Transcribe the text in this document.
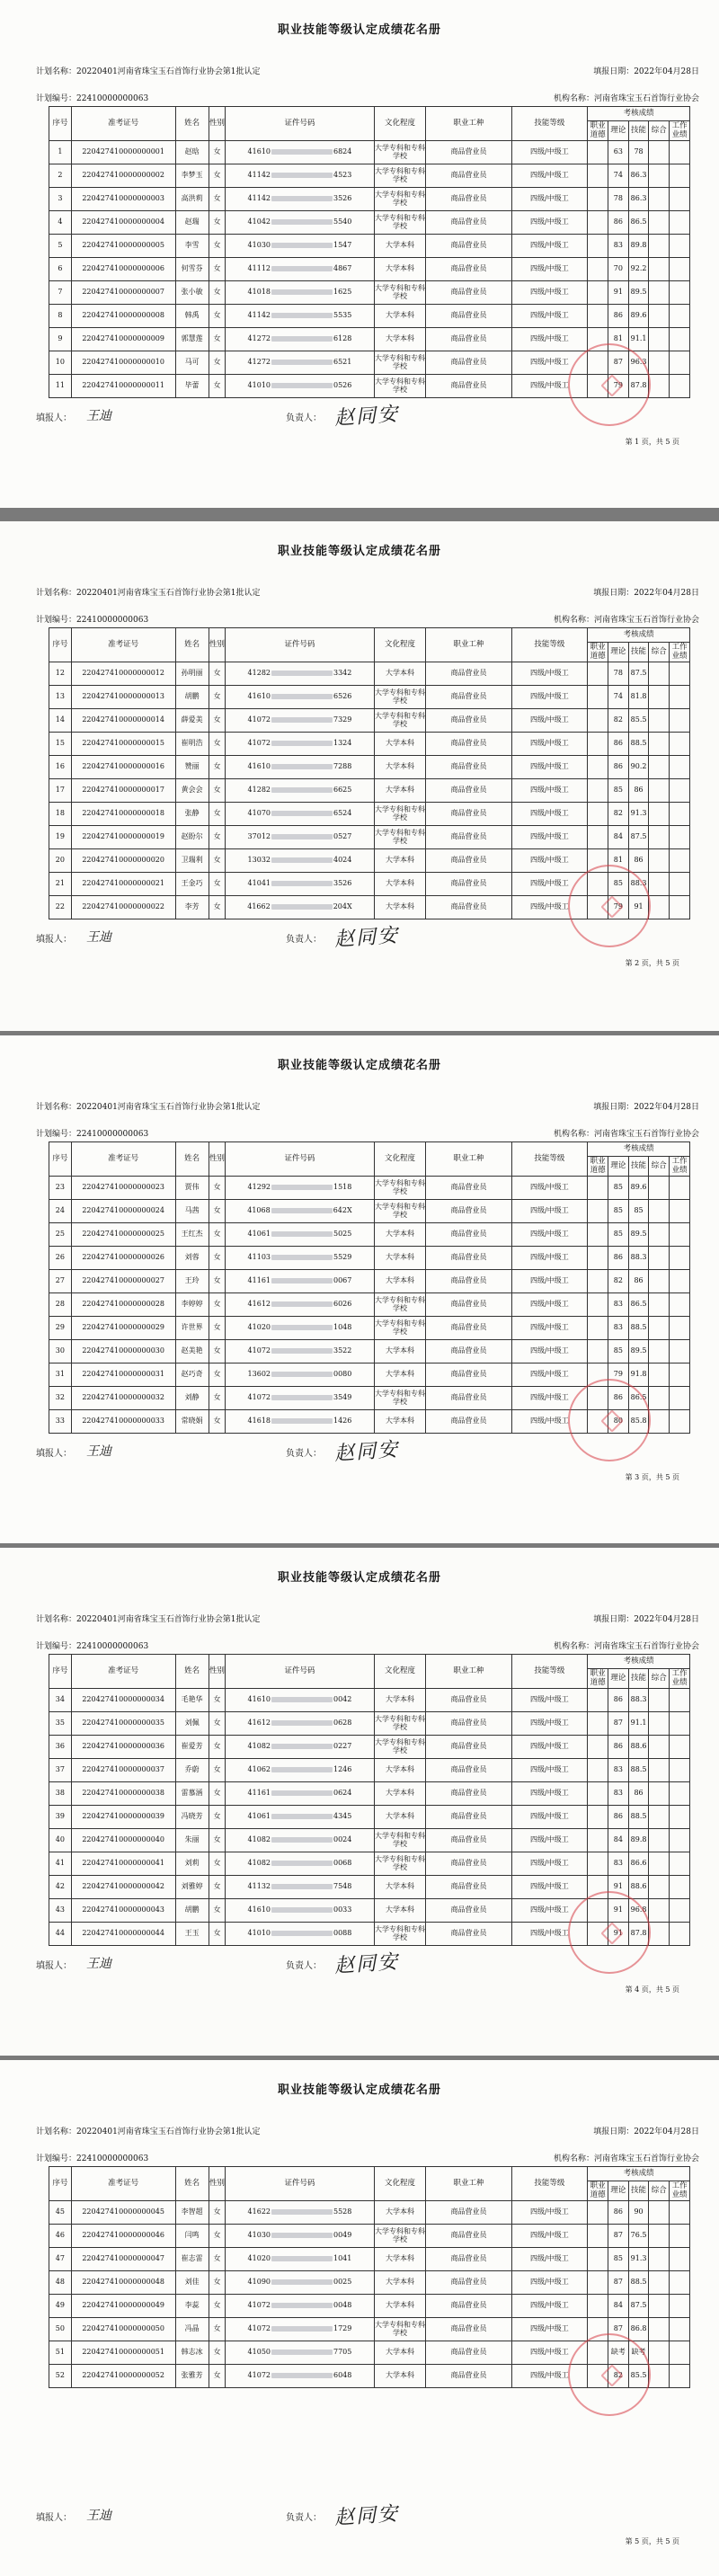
职业技能等级认定成绩花名册
计划名称：20220401河南省珠宝玉石首饰行业协会第1批认定	填报日期：2022年04月28日
计划编号：22410000000063	机构名称：河南省珠宝玉石首饰行业协会
序号	准考证号	姓名	性别	证件号码	文化程度	职业工种	技能等级	考核成绩				
								职业道德	理论	技能	综合	工作业绩
1	220427410000000001	赵晗	女	41610 6824	大学专科和专科学校	商品营业员	四级/中级工		63	78		
2	220427410000000002	李梦玉	女	41142 4523	大学专科和专科学校	商品营业员	四级/中级工		74	86.3		
3	220427410000000003	高洪莉	女	41142 3526	大学专科和专科学校	商品营业员	四级/中级工		78	86.3		
4	220427410000000004	赵瑞	女	41042 5540	大学专科和专科学校	商品营业员	四级/中级工		86	86.5		
5	220427410000000005	李雪	女	41030 1547	大学本科	商品营业员	四级/中级工		83	89.8		
6	220427410000000006	何雪芬	女	41112 4867	大学本科	商品营业员	四级/中级工		70	92.2		
7	220427410000000007	张小敏	女	41018 1625	大学专科和专科学校	商品营业员	四级/中级工		91	89.5		
8	220427410000000008	韩禹	女	41142 5535	大学本科	商品营业员	四级/中级工		86	89.6		
9	220427410000000009	郭慧莲	女	41272 6128	大学本科	商品营业员	四级/中级工		81	91.1		
10	220427410000000010	马可	女	41272 6521	大学专科和专科学校	商品营业员	四级/中级工		87	96.3		
11	220427410000000011	毕蕾	女	41010 0526	大学专科和专科学校	商品营业员	四级/中级工		79	87.8		
填报人： 王迪	负责人： 赵同安
第 1 页，共 5 页
职业技能等级认定成绩花名册
计划名称：20220401河南省珠宝玉石首饰行业协会第1批认定	填报日期：2022年04月28日
计划编号：22410000000063	机构名称：河南省珠宝玉石首饰行业协会
序号	准考证号	姓名	性别	证件号码	文化程度	职业工种	技能等级	考核成绩				
								职业道德	理论	技能	综合	工作业绩
12	220427410000000012	孙明丽	女	41282 3342	大学本科	商品营业员	四级/中级工		78	87.5		
13	220427410000000013	胡鹏	女	41610 6526	大学专科和专科学校	商品营业员	四级/中级工		74	81.8		
14	220427410000000014	薛爱美	女	41072 7329	大学专科和专科学校	商品营业员	四级/中级工		82	85.5		
15	220427410000000015	崔明浩	女	41072 1324	大学本科	商品营业员	四级/中级工		86	88.5		
16	220427410000000016	赞丽	女	41610 7288	大学本科	商品营业员	四级/中级工		86	90.2		
17	220427410000000017	黄会会	女	41282 6625	大学本科	商品营业员	四级/中级工		85	86		
18	220427410000000018	张静	女	41070 6524	大学专科和专科学校	商品营业员	四级/中级工		82	91.3		
19	220427410000000019	赵盼尔	女	37012 0527	大学专科和专科学校	商品营业员	四级/中级工		84	87.5		
20	220427410000000020	卫瑞利	女	13032 4024	大学本科	商品营业员	四级/中级工		81	86		
21	220427410000000021	王金巧	女	41041 3526	大学本科	商品营业员	四级/中级工		85	88.3		
22	220427410000000022	李芳	女	41662 204X	大学本科	商品营业员	四级/中级工		79	91		
填报人： 王迪	负责人： 赵同安
第 2 页，共 5 页
职业技能等级认定成绩花名册
计划名称：20220401河南省珠宝玉石首饰行业协会第1批认定	填报日期：2022年04月28日
计划编号：22410000000063	机构名称：河南省珠宝玉石首饰行业协会
序号	准考证号	姓名	性别	证件号码	文化程度	职业工种	技能等级	考核成绩				
								职业道德	理论	技能	综合	工作业绩
23	220427410000000023	贾伟	女	41292 1518	大学专科和专科学校	商品营业员	四级/中级工		85	89.6		
24	220427410000000024	马茜	女	41068 642X	大学专科和专科学校	商品营业员	四级/中级工		85	85		
25	220427410000000025	王红杰	女	41061 5025	大学本科	商品营业员	四级/中级工		85	89.5		
26	220427410000000026	刘蓉	女	41103 5529	大学本科	商品营业员	四级/中级工		86	88.3		
27	220427410000000027	王玲	女	41161 0067	大学本科	商品营业员	四级/中级工		82	86		
28	220427410000000028	李婷婷	女	41612 6026	大学专科和专科学校	商品营业员	四级/中级工		83	86.5		
29	220427410000000029	许世界	女	41020 1048	大学专科和专科学校	商品营业员	四级/中级工		83	88.5		
30	220427410000000030	赵美艳	女	41072 3522	大学本科	商品营业员	四级/中级工		85	89.5		
31	220427410000000031	赵巧奇	女	13602 0080	大学本科	商品营业员	四级/中级工		79	91.8		
32	220427410000000032	刘静	女	41072 3549	大学专科和专科学校	商品营业员	四级/中级工		86	86.5		
33	220427410000000033	常晓娟	女	41618 1426	大学本科	商品营业员	四级/中级工		80	85.8		
填报人： 王迪	负责人： 赵同安
第 3 页，共 5 页
职业技能等级认定成绩花名册
计划名称：20220401河南省珠宝玉石首饰行业协会第1批认定	填报日期：2022年04月28日
计划编号：22410000000063	机构名称：河南省珠宝玉石首饰行业协会
序号	准考证号	姓名	性别	证件号码	文化程度	职业工种	技能等级	考核成绩				
								职业道德	理论	技能	综合	工作业绩
34	220427410000000034	毛艳华	女	41610 0042	大学本科	商品营业员	四级/中级工		86	88.3		
35	220427410000000035	刘佩	女	41612 0628	大学专科和专科学校	商品营业员	四级/中级工		87	91.1		
36	220427410000000036	崔爱芳	女	41082 0227	大学专科和专科学校	商品营业员	四级/中级工		86	88.6		
37	220427410000000037	乔蔚	女	41062 1246	大学本科	商品营业员	四级/中级工		83	88.5		
38	220427410000000038	雷慕涵	女	41161 0624	大学本科	商品营业员	四级/中级工		83	86		
39	220427410000000039	冯晓芳	女	41061 4345	大学本科	商品营业员	四级/中级工		86	88.5		
40	220427410000000040	朱丽	女	41082 0024	大学专科和专科学校	商品营业员	四级/中级工		84	89.8		
41	220427410000000041	刘莉	女	41082 0068	大学专科和专科学校	商品营业员	四级/中级工		83	86.6		
42	220427410000000042	刘雅婷	女	41132 7548	大学本科	商品营业员	四级/中级工		91	88.6		
43	220427410000000043	胡鹏	女	41610 0033	大学本科	商品营业员	四级/中级工		91	96.8		
44	220427410000000044	王玉	女	41010 0088	大学专科和专科学校	商品营业员	四级/中级工		91	87.8		
填报人： 王迪	负责人： 赵同安
第 4 页，共 5 页
职业技能等级认定成绩花名册
计划名称：20220401河南省珠宝玉石首饰行业协会第1批认定	填报日期：2022年04月28日
计划编号：22410000000063	机构名称：河南省珠宝玉石首饰行业协会
序号	准考证号	姓名	性别	证件号码	文化程度	职业工种	技能等级	考核成绩				
								职业道德	理论	技能	综合	工作业绩
45	220427410000000045	李智超	女	41622 5528	大学本科	商品营业员	四级/中级工		86	90		
46	220427410000000046	闫鸣	女	41030 0049	大学专科和专科学校	商品营业员	四级/中级工		87	76.5		
47	220427410000000047	崔志雷	女	41020 1041	大学本科	商品营业员	四级/中级工		85	91.3		
48	220427410000000048	刘佳	女	41090 0025	大学本科	商品营业员	四级/中级工		87	88.5		
49	220427410000000049	李蕊	女	41072 0048	大学本科	商品营业员	四级/中级工		84	87.5		
50	220427410000000050	冯晶	女	41072 1729	大学专科和专科学校	商品营业员	四级/中级工		87	86.8		
51	220427410000000051	韩志冰	女	41050 7705	大学本科	商品营业员	四级/中级工		缺考	缺考		
52	220427410000000052	张雅芳	女	41072 6048	大学本科	商品营业员	四级/中级工		82	85.5		
填报人： 王迪	负责人： 赵同安
第 5 页，共 5 页
